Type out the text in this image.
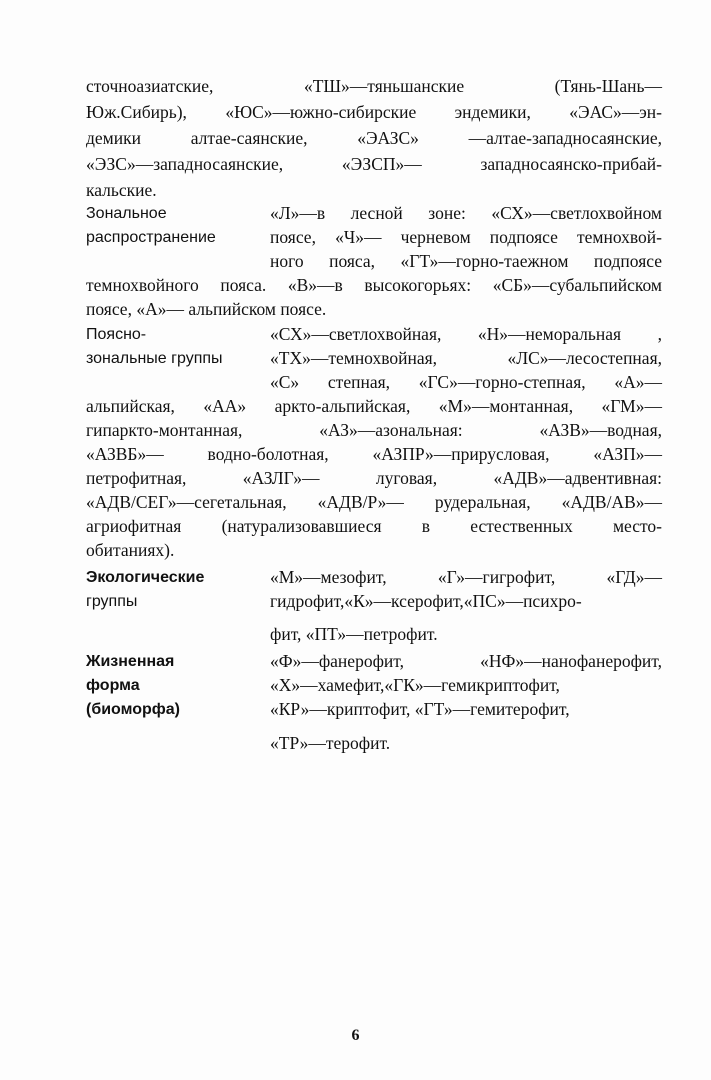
сточноазиатские, «ТШ»—тяньшанские (Тянь-Шань—
Юж.Сибирь), «ЮС»—южно-сибирские эндемики, «ЭАС»—эн-
демики алтае-саянские, «ЭАЗС» —алтае-западносаянские,
«ЭЗС»—западносаянские, «ЭЗСП»— западносаянско-прибай-
кальские.
Зональное
распространение
«Л»—в лесной зоне: «СХ»—светлохвойном
поясе, «Ч»— черневом подпоясе темнохвой-
ного пояса, «ГТ»—горно-таежном подпоясе
темнохвойного пояса. «В»—в высокогорьях: «СБ»—субальпийском
поясе, «А»— альпийском поясе.
Поясно-
зональные группы
«СХ»—светлохвойная, «Н»—неморальная ,
«ТХ»—темнохвойная, «ЛС»—лесостепная,
«С» степная, «ГС»—горно-степная, «А»—
альпийская, «АА» аркто-альпийская, «М»—монтанная, «ГМ»—
гипаркто-монтанная, «АЗ»—азональная: «АЗВ»—водная,
«АЗВБ»— водно-болотная, «АЗПР»—прирусловая, «АЗП»—
петрофитная, «АЗЛГ»— луговая, «АДВ»—адвентивная:
«АДВ/СЕГ»—сегетальная, «АДВ/Р»— рудеральная, «АДВ/АВ»—
агриофитная (натурализовавшиеся в естественных место-
обитаниях).
Экологические
группы
«М»—мезофит, «Г»—гигрофит, «ГД»—
гидрофит,«К»—ксерофит,«ПС»—психро-
фит, «ПТ»—петрофит.
Жизненная
форма
(биоморфа)
«Ф»—фанерофит, «НФ»—нанофанерофит,
«Х»—хамефит,«ГК»—гемикриптофит,
«КР»—криптофит, «ГТ»—гемитерофит,
«ТР»—терофит.
6
